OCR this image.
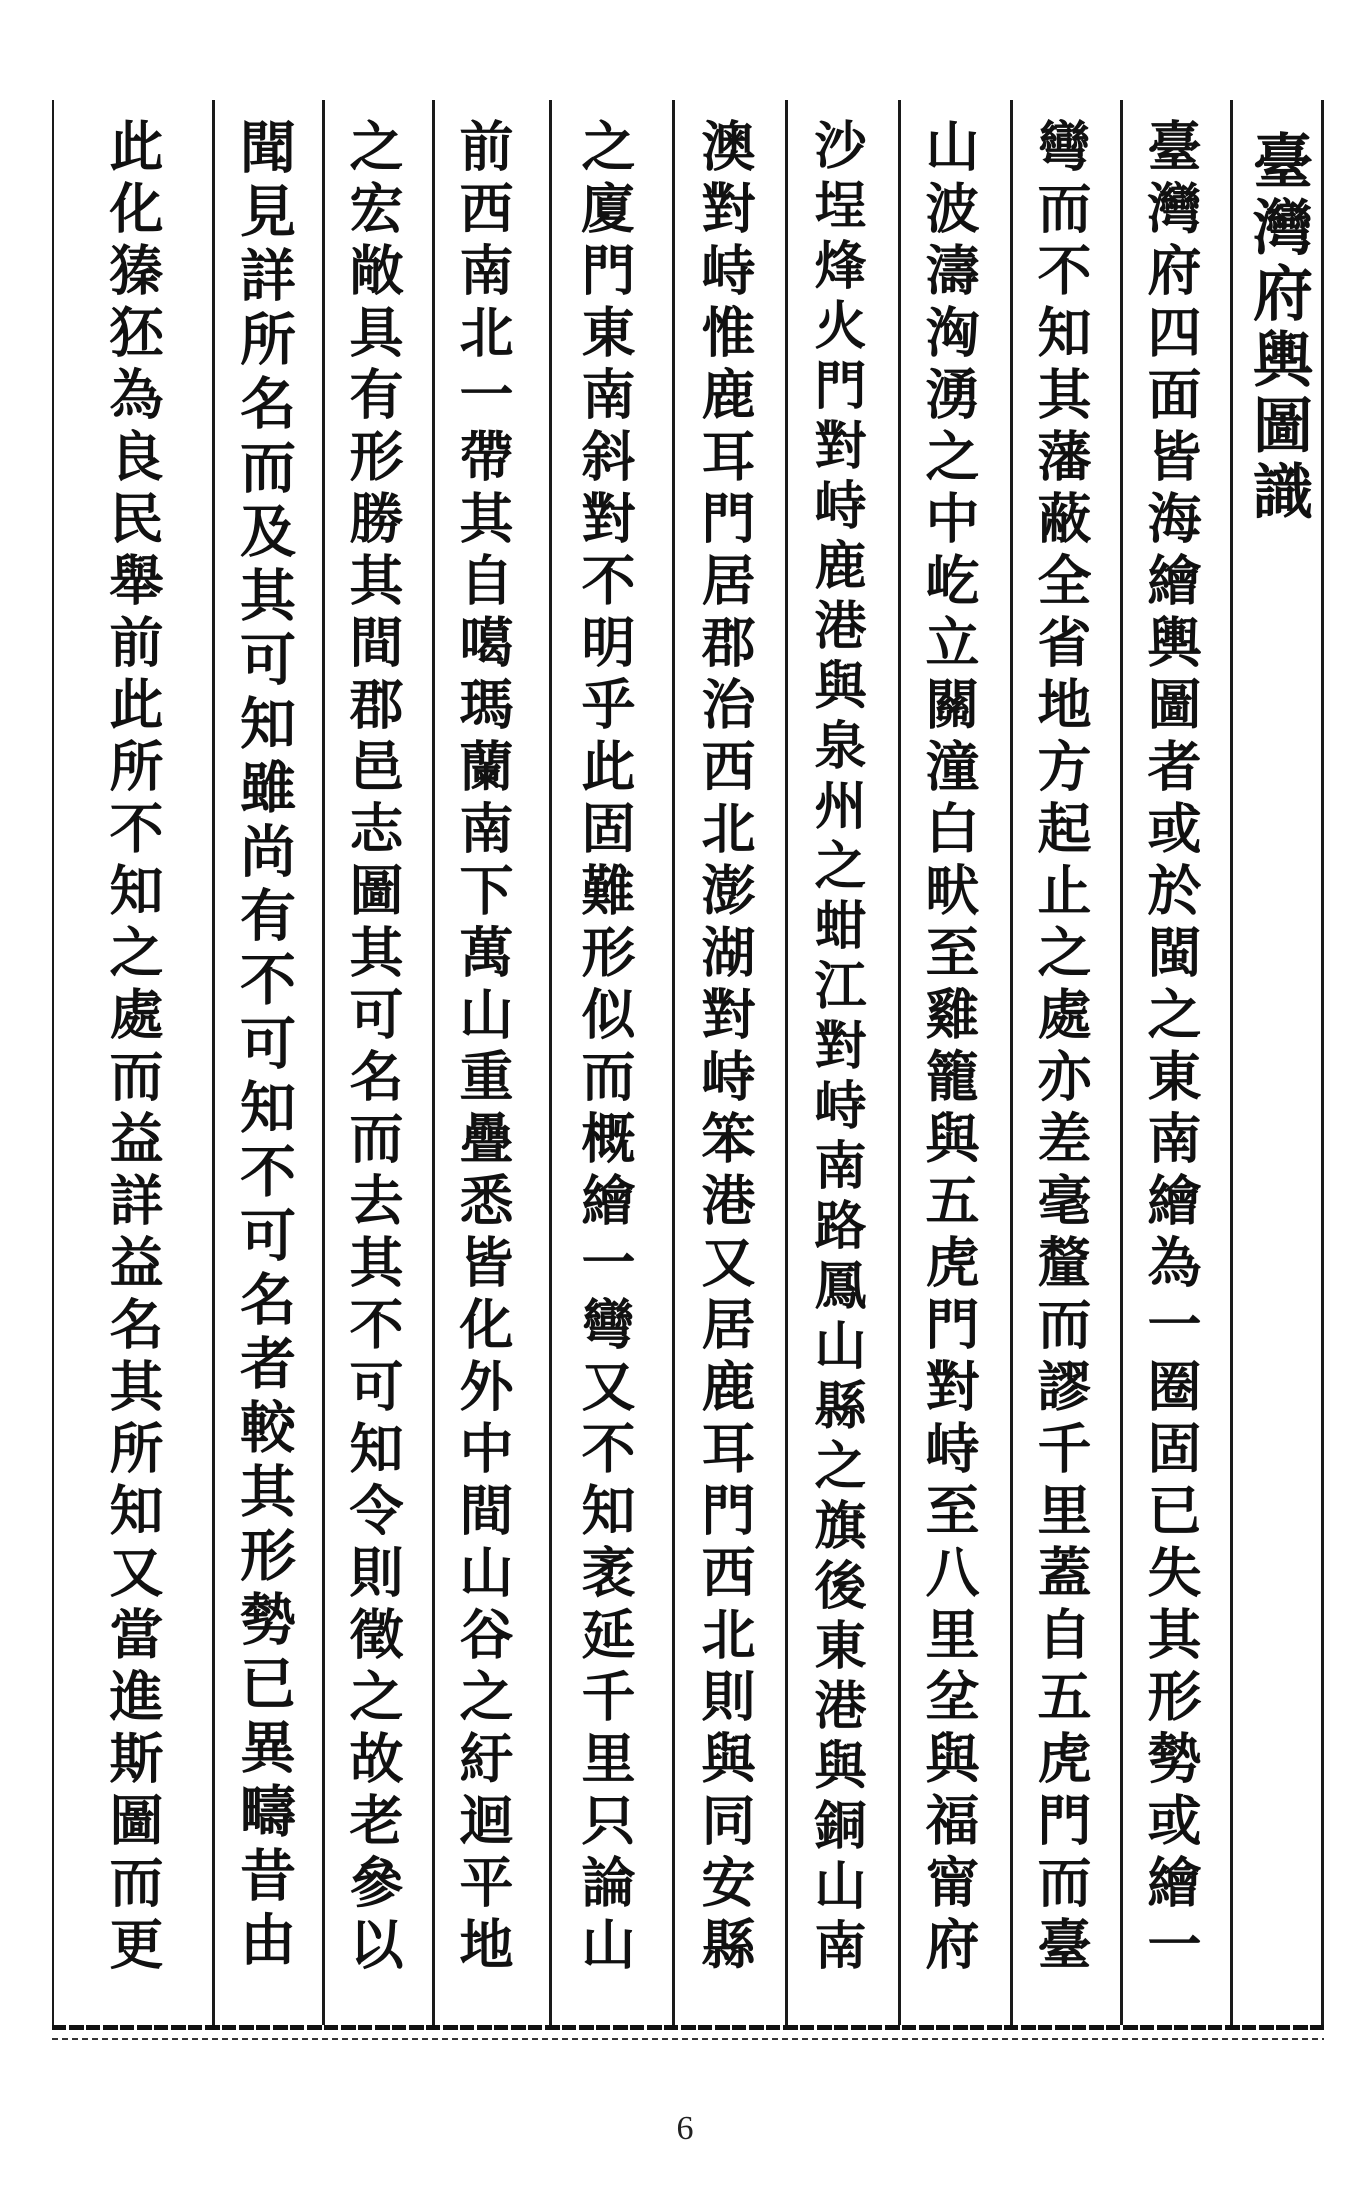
臺灣府輿圖識
臺灣府四面皆海繪輿圖者或於閩之東南繪為一圈固已失其形勢或繪一
彎而不知其藩蔽全省地方起止之處亦差毫釐而謬千里蓋自五虎門而臺
山波濤洶湧之中屹立關潼白畎至雞籠與五虎門對峙至八里坌與福甯府
沙埕烽火門對峙鹿港與泉州之蚶江對峙南路鳳山縣之旗後東港與銅山南
澳對峙惟鹿耳門居郡治西北澎湖對峙笨港又居鹿耳門西北則與同安縣
之廈門東南斜對不明乎此固難形似而概繪一彎又不知袤延千里只論山
前西南北一帶其自噶瑪蘭南下萬山重疊悉皆化外中間山谷之紆迴平地
之宏敞具有形勝其間郡邑志圖其可名而去其不可知令則徵之故老參以
聞見詳所名而及其可知雖尚有不可知不可名者較其形勢已異疇昔由
此化獉狉為良民舉前此所不知之處而益詳益名其所知又當進斯圖而更
6
